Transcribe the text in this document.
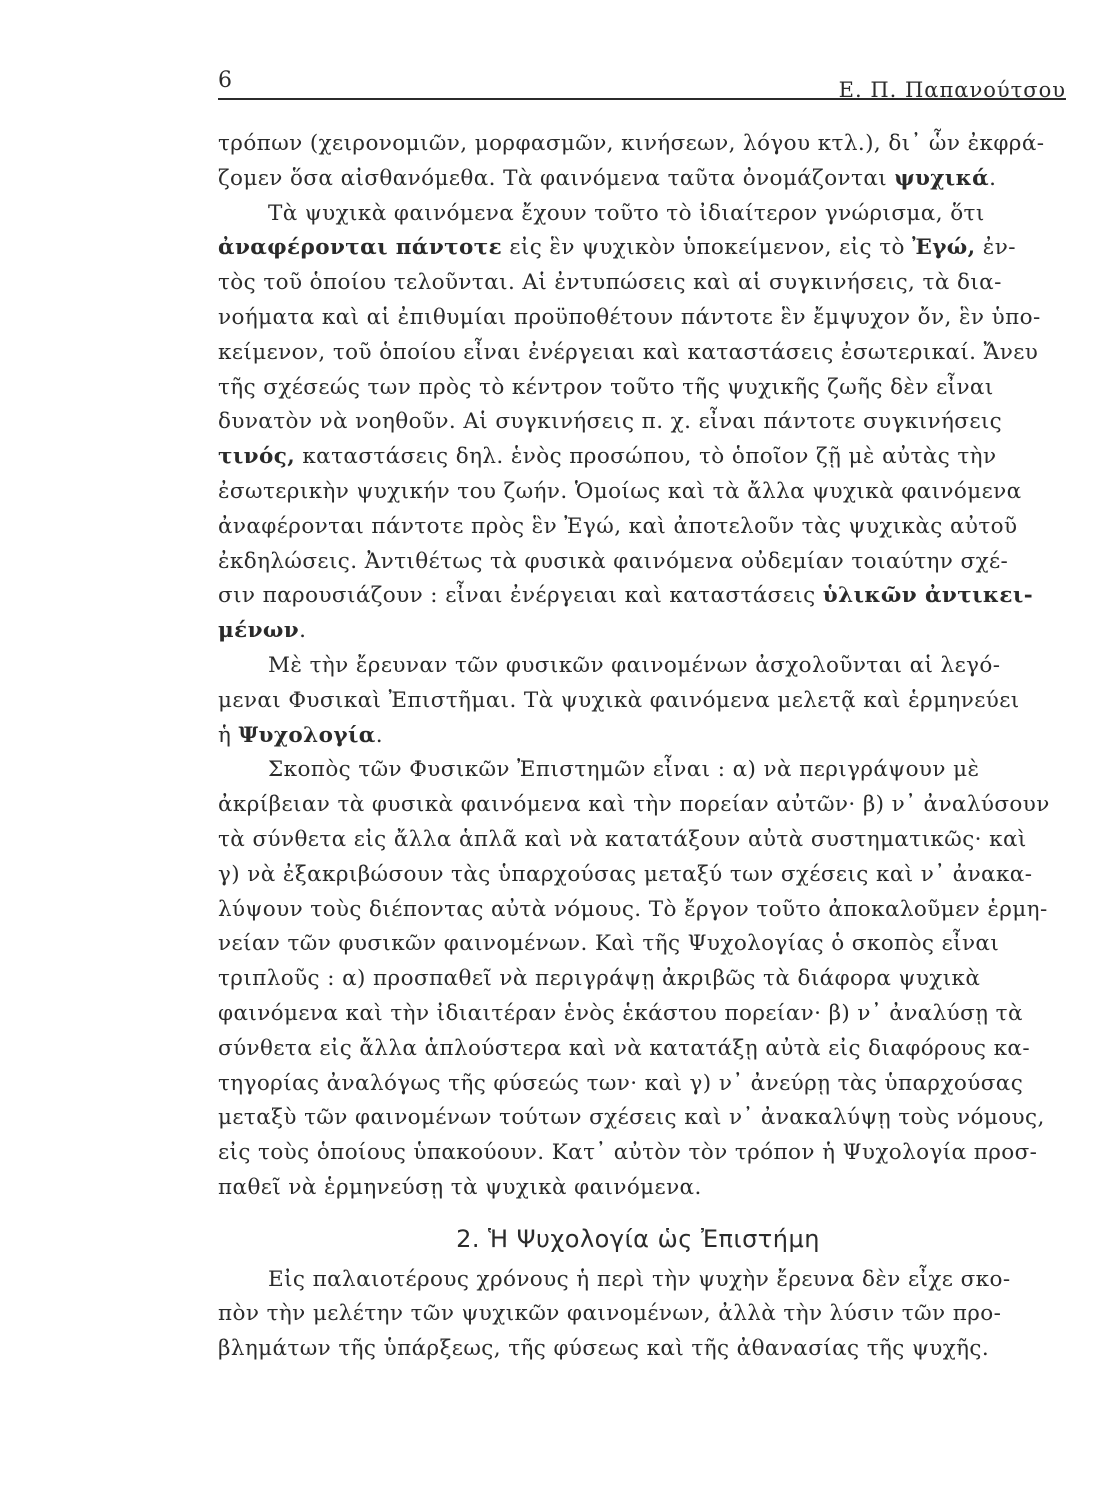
6	Ε. Π. Παπανούτσου

τρόπων (χειρονομιῶν, μορφασμῶν, κινήσεων, λόγου κτλ.), δι᾽ ὧν ἐκφρά-
ζομεν ὅσα αἰσθανόμεθα. Τὰ φαινόμενα ταῦτα ὀνομάζονται ψυχικά.

Τὰ ψυχικὰ φαινόμενα ἔχουν τοῦτο τὸ ἰδιαίτερον γνώρισμα, ὅτι
ἀναφέρονται πάντοτε εἰς ἓν ψυχικὸν ὑποκείμενον, εἰς τὸ Ἐγώ, ἐν-
τὸς τοῦ ὁποίου τελοῦνται. Αἱ ἐντυπώσεις καὶ αἱ συγκινήσεις, τὰ δια-
νοήματα καὶ αἱ ἐπιθυμίαι προϋποθέτουν πάντοτε ἓν ἔμψυχον ὄν, ἓν ὑπο-
κείμενον, τοῦ ὁποίου εἶναι ἐνέργειαι καὶ καταστάσεις ἐσωτερικαί. Ἄνευ
τῆς σχέσεώς των πρὸς τὸ κέντρον τοῦτο τῆς ψυχικῆς ζωῆς δὲν εἶναι
δυνατὸν νὰ νοηθοῦν. Αἱ συγκινήσεις π. χ. εἶναι πάντοτε συγκινήσεις
τινός, καταστάσεις δηλ. ἑνὸς προσώπου, τὸ ὁποῖον ζῇ μὲ αὐτὰς τὴν
ἐσωτερικὴν ψυχικήν του ζωήν. Ὁμοίως καὶ τὰ ἄλλα ψυχικὰ φαινόμενα
ἀναφέρονται πάντοτε πρὸς ἓν Ἐγώ, καὶ ἀποτελοῦν τὰς ψυχικὰς αὐτοῦ
ἐκδηλώσεις. Ἀντιθέτως τὰ φυσικὰ φαινόμενα οὐδεμίαν τοιαύτην σχέ-
σιν παρουσιάζουν : εἶναι ἐνέργειαι καὶ καταστάσεις ὑλικῶν ἀντικει-
μένων.

Μὲ τὴν ἔρευναν τῶν φυσικῶν φαινομένων ἀσχολοῦνται αἱ λεγό-
μεναι Φυσικαὶ Ἐπιστῆμαι. Τὰ ψυχικὰ φαινόμενα μελετᾷ καὶ ἑρμηνεύει
ἡ Ψυχολογία.

Σκοπὸς τῶν Φυσικῶν Ἐπιστημῶν εἶναι : α) νὰ περιγράψουν μὲ
ἀκρίβειαν τὰ φυσικὰ φαινόμενα καὶ τὴν πορείαν αὐτῶν· β) ν᾽ ἀναλύσουν
τὰ σύνθετα εἰς ἄλλα ἁπλᾶ καὶ νὰ κατατάξουν αὐτὰ συστηματικῶς· καὶ
γ) νὰ ἐξακριβώσουν τὰς ὑπαρχούσας μεταξύ των σχέσεις καὶ ν᾽ ἀνακα-
λύψουν τοὺς διέποντας αὐτὰ νόμους. Τὸ ἔργον τοῦτο ἀποκαλοῦμεν ἑρμη-
νείαν τῶν φυσικῶν φαινομένων. Καὶ τῆς Ψυχολογίας ὁ σκοπὸς εἶναι
τριπλοῦς : α) προσπαθεῖ νὰ περιγράψῃ ἀκριβῶς τὰ διάφορα ψυχικὰ
φαινόμενα καὶ τὴν ἰδιαιτέραν ἑνὸς ἑκάστου πορείαν· β) ν᾽ ἀναλύσῃ τὰ
σύνθετα εἰς ἄλλα ἁπλούστερα καὶ νὰ κατατάξῃ αὐτὰ εἰς διαφόρους κα-
τηγορίας ἀναλόγως τῆς φύσεώς των· καὶ γ) ν᾽ ἀνεύρῃ τὰς ὑπαρχούσας
μεταξὺ τῶν φαινομένων τούτων σχέσεις καὶ ν᾽ ἀνακαλύψῃ τοὺς νόμους,
εἰς τοὺς ὁποίους ὑπακούουν. Κατ᾽ αὐτὸν τὸν τρόπον ἡ Ψυχολογία προσ-
παθεῖ νὰ ἑρμηνεύσῃ τὰ ψυχικὰ φαινόμενα.

2. Ἡ Ψυχολογία ὡς Ἐπιστήμη

Εἰς παλαιοτέρους χρόνους ἡ περὶ τὴν ψυχὴν ἔρευνα δὲν εἶχε σκο-
πὸν τὴν μελέτην τῶν ψυχικῶν φαινομένων, ἀλλὰ τὴν λύσιν τῶν προ-
βλημάτων τῆς ὑπάρξεως, τῆς φύσεως καὶ τῆς ἀθανασίας τῆς ψυχῆς.
